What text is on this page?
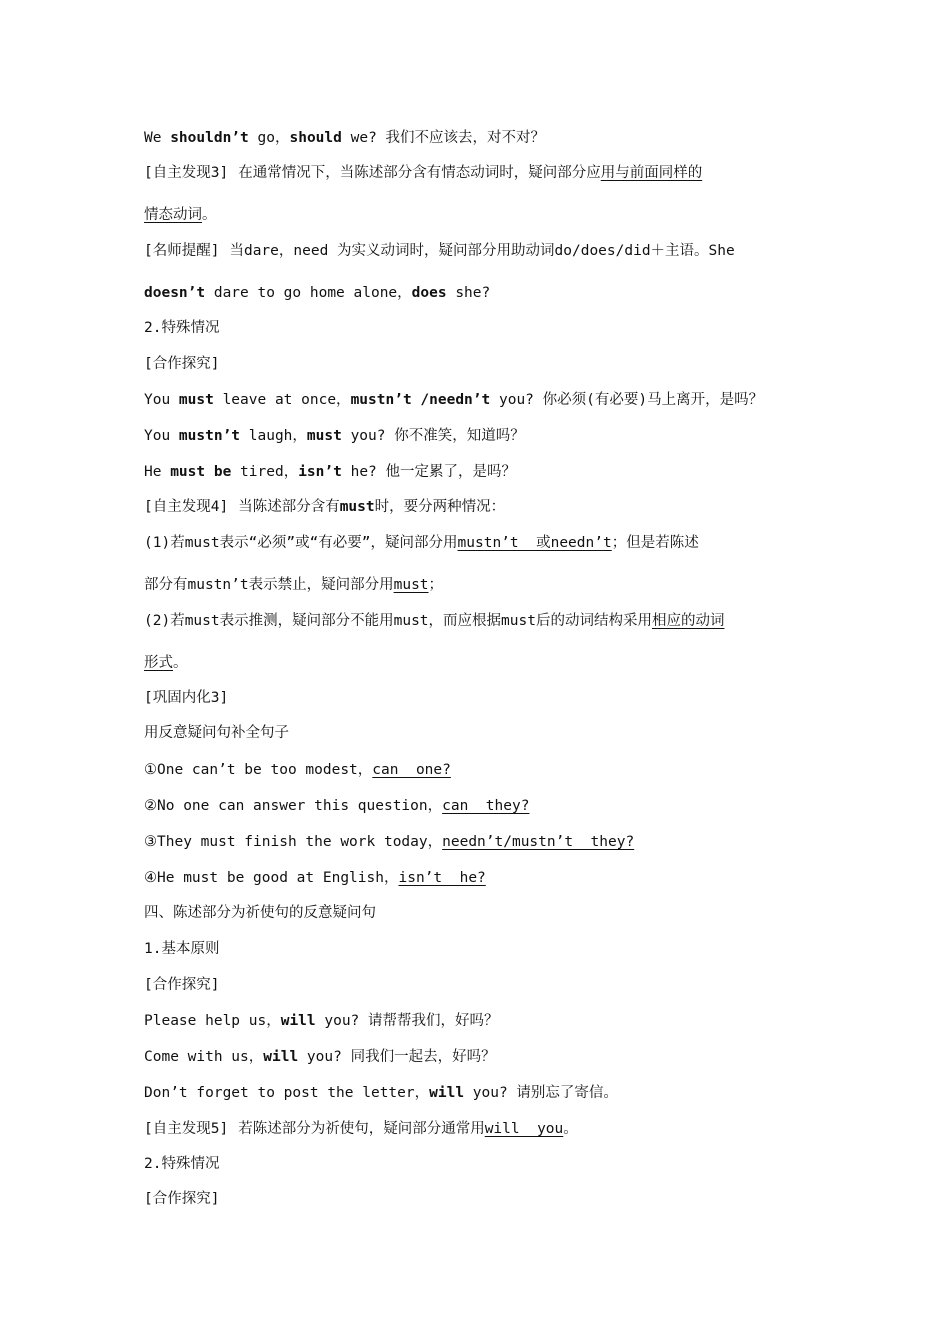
We shouldn’t go，should we? 我们不应该去，对不对？

[自主发现3] 在通常情况下，当陈述部分含有情态动词时，疑问部分应用与前面同样的

情态动词。

[名师提醒] 当dare，need 为实义动词时，疑问部分用助动词do/does/did＋主语。She

doesn’t dare to go home alone，does she?

2.特殊情况

[合作探究]

You must leave at once，mustn’t /needn’t you? 你必须(有必要)马上离开，是吗？

You mustn’t laugh，must you? 你不准笑，知道吗？

He must be tired，isn’t he? 他一定累了，是吗？

[自主发现4] 当陈述部分含有must时，要分两种情况：

(1)若must表示“必须”或“有必要”，疑问部分用mustn’t  或needn’t；但是若陈述

部分有mustn’t表示禁止，疑问部分用must；

(2)若must表示推测，疑问部分不能用must，而应根据must后的动词结构采用相应的动词

形式。

[巩固内化3]

用反意疑问句补全句子

①One can’t be too modest，can  one?

②No one can answer this question，can  they?

③They must finish the work today，needn’t/mustn’t  they?

④He must be good at English，isn’t  he?

四、陈述部分为祈使句的反意疑问句

1.基本原则

[合作探究]

Please help us，will you? 请帮帮我们，好吗？

Come with us，will you? 同我们一起去，好吗？

Don’t forget to post the letter，will you? 请别忘了寄信。

[自主发现5] 若陈述部分为祈使句，疑问部分通常用will  you。

2.特殊情况

[合作探究]
